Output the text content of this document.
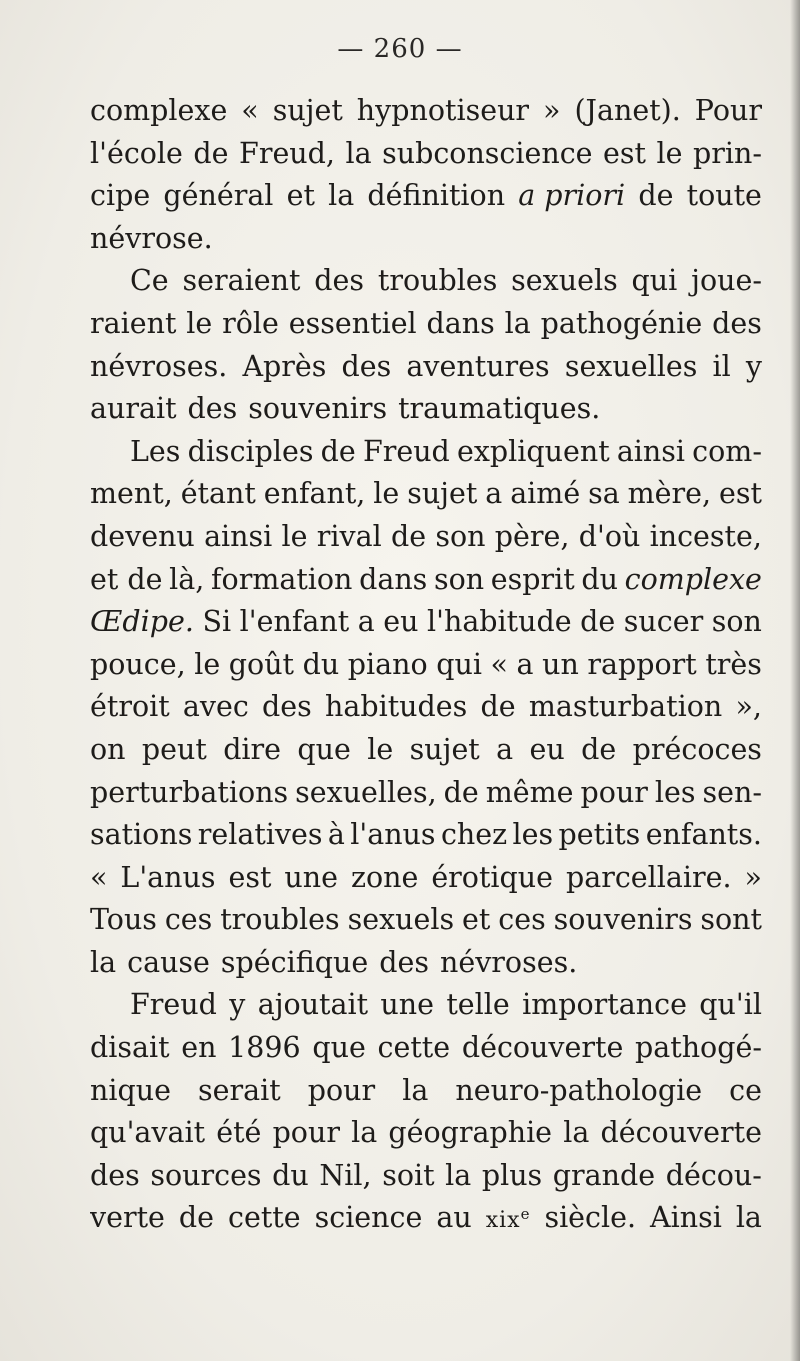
— 260 —
complexe « sujet hypnotiseur » (Janet). Pour
l'école de Freud, la subconscience est le prin-
cipe général et la définition a priori de toute
névrose.
Ce seraient des troubles sexuels qui joue-
raient le rôle essentiel dans la pathogénie des
névroses. Après des aventures sexuelles il y
aurait des souvenirs traumatiques.
Les disciples de Freud expliquent ainsi com-
ment, étant enfant, le sujet a aimé sa mère, est
devenu ainsi le rival de son père, d'où inceste,
et de là, formation dans son esprit du complexe
Œdipe. Si l'enfant a eu l'habitude de sucer son
pouce, le goût du piano qui « a un rapport très
étroit avec des habitudes de masturbation »,
on peut dire que le sujet a eu de précoces
perturbations sexuelles, de même pour les sen-
sations relatives à l'anus chez les petits enfants.
« L'anus est une zone érotique parcellaire. »
Tous ces troubles sexuels et ces souvenirs sont
la cause spécifique des névroses.
Freud y ajoutait une telle importance qu'il
disait en 1896 que cette découverte pathogé-
nique serait pour la neuro-pathologie ce
qu'avait été pour la géographie la découverte
des sources du Nil, soit la plus grande décou-
verte de cette science au xixe siècle. Ainsi la
